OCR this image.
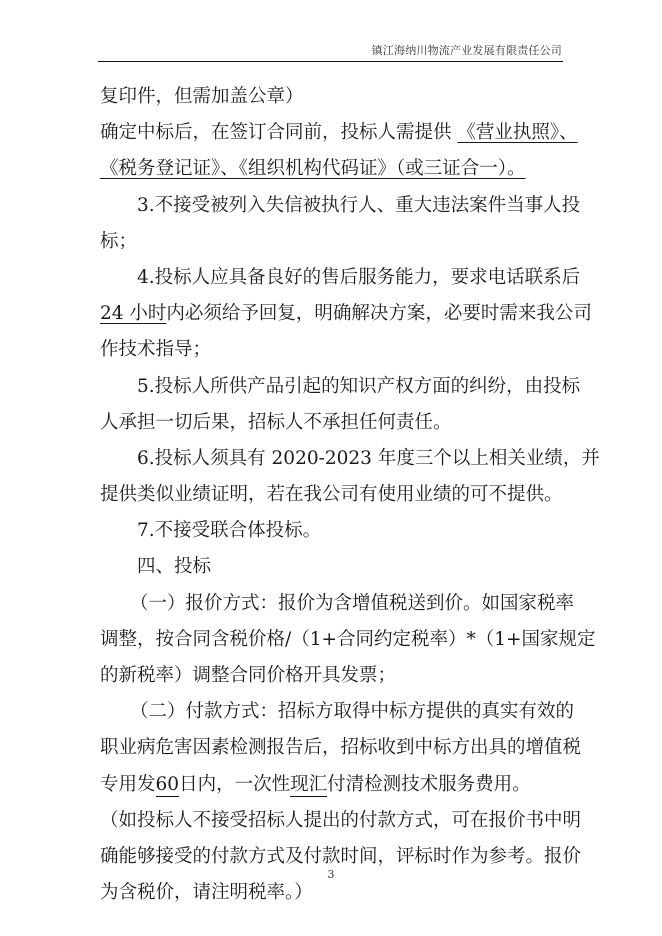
镇江海纳川物流产业发展有限责任公司
复印件，但需加盖公章）
确定中标后，在签订合同前，投标人需提供 《营业执照》、
《税务登记证》、《组织机构代码证》（或三证合一）。
3.不接受被列入失信被执行人、重大违法案件当事人投
标；
4.投标人应具备良好的售后服务能力，要求电话联系后
24 小时内必须给予回复，明确解决方案，必要时需来我公司
作技术指导；
5.投标人所供产品引起的知识产权方面的纠纷，由投标
人承担一切后果，招标人不承担任何责任。
6.投标人须具有 2020-2023 年度三个以上相关业绩，并
提供类似业绩证明，若在我公司有使用业绩的可不提供。
7.不接受联合体投标。
四、投标
（一）报价方式：报价为含增值税送到价。如国家税率
调整，按合同含税价格/（1+合同约定税率）*（1+国家规定
的新税率）调整合同价格开具发票；
（二）付款方式：招标方取得中标方提供的真实有效的
职业病危害因素检测报告后，招标收到中标方出具的增值税
专用发60日内，一次性现汇付清检测技术服务费用。
（如投标人不接受招标人提出的付款方式，可在报价书中明
确能够接受的付款方式及付款时间，评标时作为参考。报价
为含税价，请注明税率。）
3
